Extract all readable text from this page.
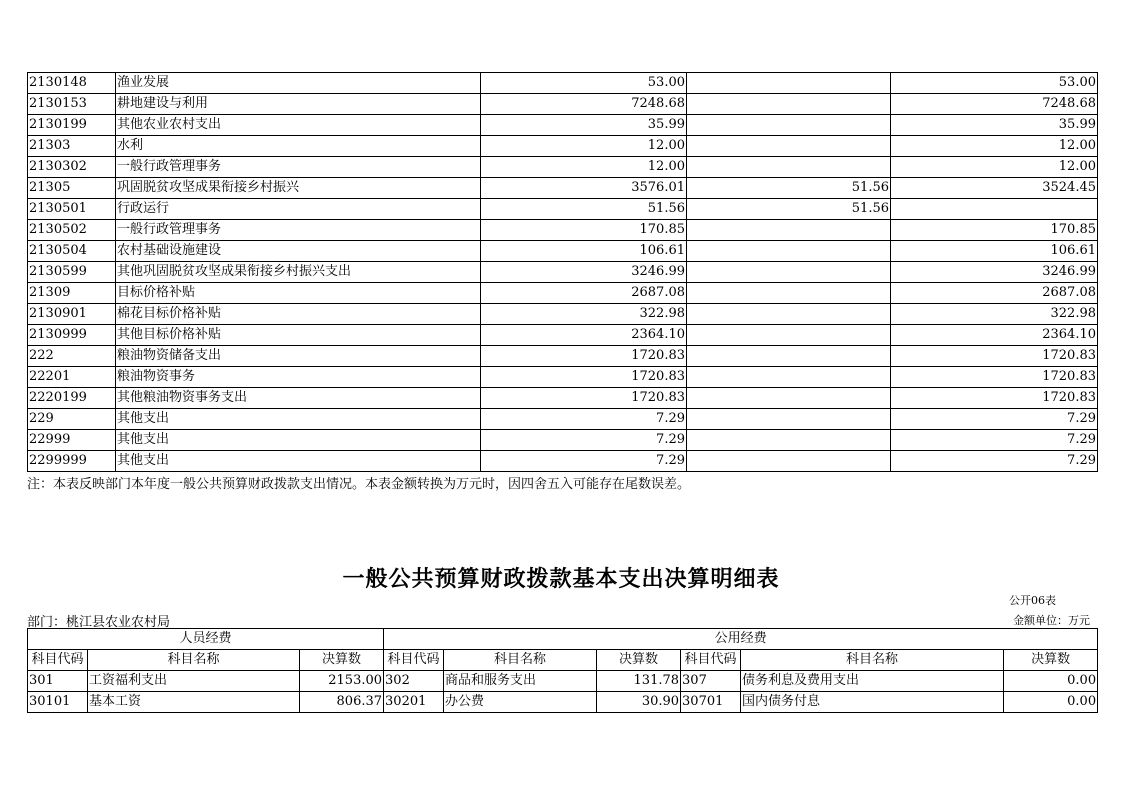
2130148	渔业发展	53.00		53.00
2130153	耕地建设与利用	7248.68		7248.68
2130199	其他农业农村支出	35.99		35.99
21303	水利	12.00		12.00
2130302	一般行政管理事务	12.00		12.00
21305	巩固脱贫攻坚成果衔接乡村振兴	3576.01	51.56	3524.45
2130501	行政运行	51.56	51.56	
2130502	一般行政管理事务	170.85		170.85
2130504	农村基础设施建设	106.61		106.61
2130599	其他巩固脱贫攻坚成果衔接乡村振兴支出	3246.99		3246.99
21309	目标价格补贴	2687.08		2687.08
2130901	棉花目标价格补贴	322.98		322.98
2130999	其他目标价格补贴	2364.10		2364.10
222	粮油物资储备支出	1720.83		1720.83
22201	粮油物资事务	1720.83		1720.83
2220199	其他粮油物资事务支出	1720.83		1720.83
229	其他支出	7.29		7.29
22999	其他支出	7.29		7.29
2299999	其他支出	7.29		7.29
注：本表反映部门本年度一般公共预算财政拨款支出情况。本表金额转换为万元时，因四舍五入可能存在尾数误差。
一般公共预算财政拨款基本支出决算明细表
公开06表
金额单位：万元
部门：桃江县农业农村局
人员经费			公用经费					
科目代码	科目名称	决算数	科目代码	科目名称	决算数	科目代码	科目名称	决算数
301	工资福利支出	2153.00	302	商品和服务支出	131.78	307	债务利息及费用支出	0.00
30101	基本工资	806.37	30201	办公费	30.90	30701	国内债务付息	0.00
